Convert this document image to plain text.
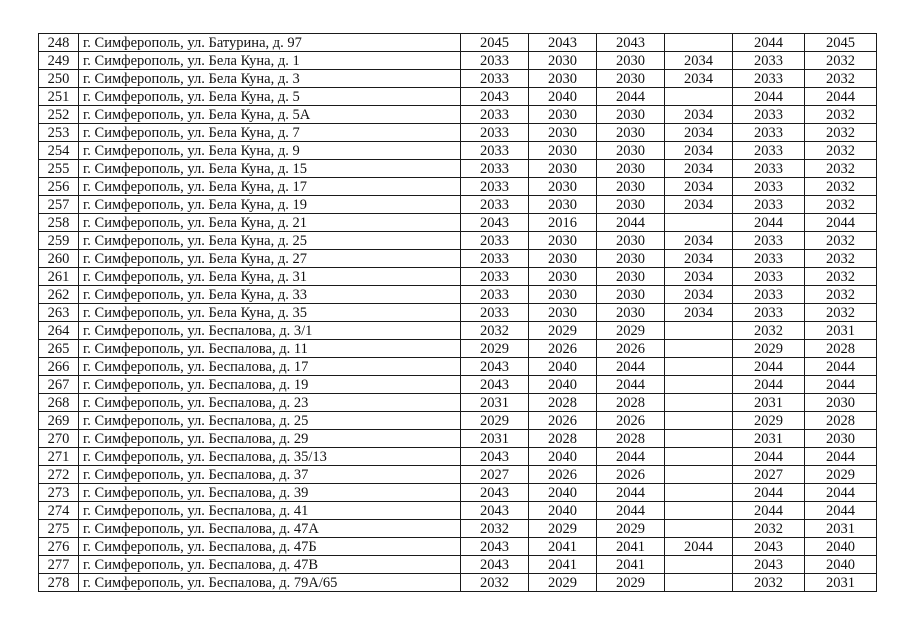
248	г. Симферополь, ул. Батурина, д. 97	2045	2043	2043		2044	2045
249	г. Симферополь, ул. Бела Куна, д. 1	2033	2030	2030	2034	2033	2032
250	г. Симферополь, ул. Бела Куна, д. 3	2033	2030	2030	2034	2033	2032
251	г. Симферополь, ул. Бела Куна, д. 5	2043	2040	2044		2044	2044
252	г. Симферополь, ул. Бела Куна, д. 5А	2033	2030	2030	2034	2033	2032
253	г. Симферополь, ул. Бела Куна, д. 7	2033	2030	2030	2034	2033	2032
254	г. Симферополь, ул. Бела Куна, д. 9	2033	2030	2030	2034	2033	2032
255	г. Симферополь, ул. Бела Куна, д. 15	2033	2030	2030	2034	2033	2032
256	г. Симферополь, ул. Бела Куна, д. 17	2033	2030	2030	2034	2033	2032
257	г. Симферополь, ул. Бела Куна, д. 19	2033	2030	2030	2034	2033	2032
258	г. Симферополь, ул. Бела Куна, д. 21	2043	2016	2044		2044	2044
259	г. Симферополь, ул. Бела Куна, д. 25	2033	2030	2030	2034	2033	2032
260	г. Симферополь, ул. Бела Куна, д. 27	2033	2030	2030	2034	2033	2032
261	г. Симферополь, ул. Бела Куна, д. 31	2033	2030	2030	2034	2033	2032
262	г. Симферополь, ул. Бела Куна, д. 33	2033	2030	2030	2034	2033	2032
263	г. Симферополь, ул. Бела Куна, д. 35	2033	2030	2030	2034	2033	2032
264	г. Симферополь, ул. Беспалова, д. 3/1	2032	2029	2029		2032	2031
265	г. Симферополь, ул. Беспалова, д. 11	2029	2026	2026		2029	2028
266	г. Симферополь, ул. Беспалова, д. 17	2043	2040	2044		2044	2044
267	г. Симферополь, ул. Беспалова, д. 19	2043	2040	2044		2044	2044
268	г. Симферополь, ул. Беспалова, д. 23	2031	2028	2028		2031	2030
269	г. Симферополь, ул. Беспалова, д. 25	2029	2026	2026		2029	2028
270	г. Симферополь, ул. Беспалова, д. 29	2031	2028	2028		2031	2030
271	г. Симферополь, ул. Беспалова, д. 35/13	2043	2040	2044		2044	2044
272	г. Симферополь, ул. Беспалова, д. 37	2027	2026	2026		2027	2029
273	г. Симферополь, ул. Беспалова, д. 39	2043	2040	2044		2044	2044
274	г. Симферополь, ул. Беспалова, д. 41	2043	2040	2044		2044	2044
275	г. Симферополь, ул. Беспалова, д. 47А	2032	2029	2029		2032	2031
276	г. Симферополь, ул. Беспалова, д. 47Б	2043	2041	2041	2044	2043	2040
277	г. Симферополь, ул. Беспалова, д. 47В	2043	2041	2041		2043	2040
278	г. Симферополь, ул. Беспалова, д. 79А/65	2032	2029	2029		2032	2031
